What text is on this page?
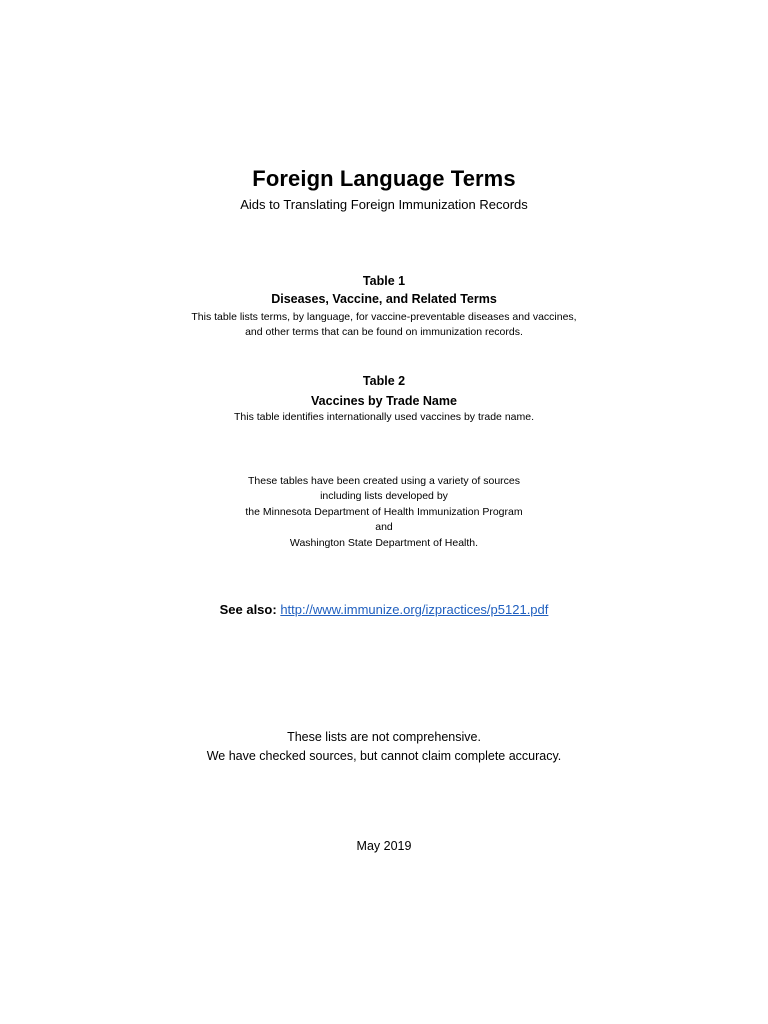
Foreign Language Terms
Aids to Translating Foreign Immunization Records
Table 1
Diseases, Vaccine, and Related Terms
This table lists terms, by language, for vaccine-preventable diseases and vaccines,
and other terms that can be found on immunization records.
Table 2
Vaccines by Trade Name
This table identifies internationally used vaccines by trade name.
These tables have been created using a variety of sources
including lists developed by
the Minnesota Department of Health Immunization Program
and
Washington State Department of Health.
See also: http://www.immunize.org/izpractices/p5121.pdf
These lists are not comprehensive.
We have checked sources, but cannot claim complete accuracy.
May 2019
